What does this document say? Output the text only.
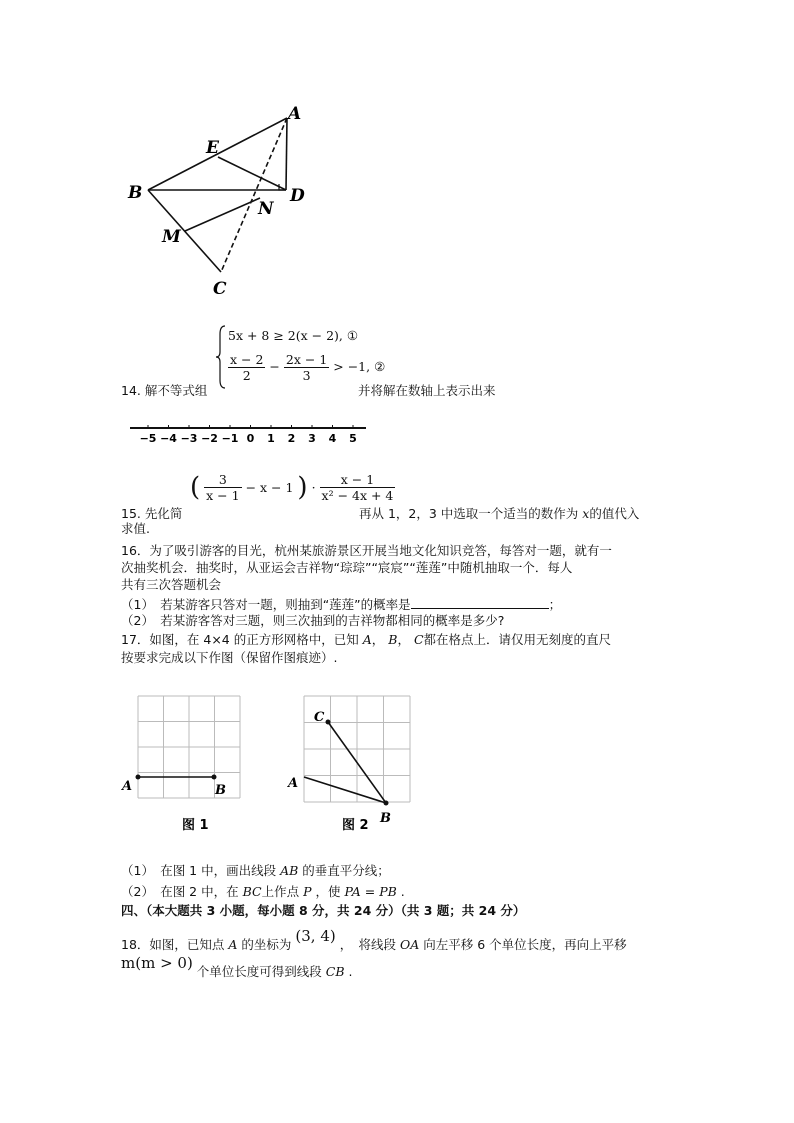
A
E
B	D
N
M
C
5x + 8 ≥ 2(x − 2), ①
$\frac{x - 2}{2} - \frac{2x - 1}{3} > -1$, ②
14. 解不等式组	并将解在数轴上表示出来
−5 −4 −3 −2 −1 0 1 2 3 4 5
( $\frac{3}{x - 1} - x - 1$ ) · $\frac{x - 1}{\text{x² − 4x + 4}}$
15. 先化简	再从 1，2，3 中选取一个适当的数作为 x的值代入
求值.
16．为了吸引游客的目光，杭州某旅游景区开展当地文化知识竞答，每答对一题，就有一
次抽奖机会．抽奖时，从亚运会吉祥物“琮琮”“宸宸”“莲莲”中随机抽取一个．每人
共有三次答题机会
（1）　若某游客只答对一题，则抽到“莲莲”的概率是	；
（2）　若某游客答对三题，则三次抽到的吉祥物都相同的概率是多少?
17．如图，在 4×4 的正方形网格中，已知 A， B， C都在格点上．请仅用无刻度的直尺
按要求完成以下作图（保留作图痕迹）.
A	B
图 1
C
A
B
图 2
（1）　在图 1 中，画出线段 AB 的垂直平分线；
（2）　在图 2 中，在 BC上作点 P ，使 PA = PB .
四、（本大题共 3 小题，每小题 8 分，共 24 分）（共 3 题；共 24 分）
18．如图，已知点 A 的坐标为 (3, 4) ，　将线段 OA 向左平移 6 个单位长度，再向上平移
m(m > 0) 个单位长度可得到线段 CB .
